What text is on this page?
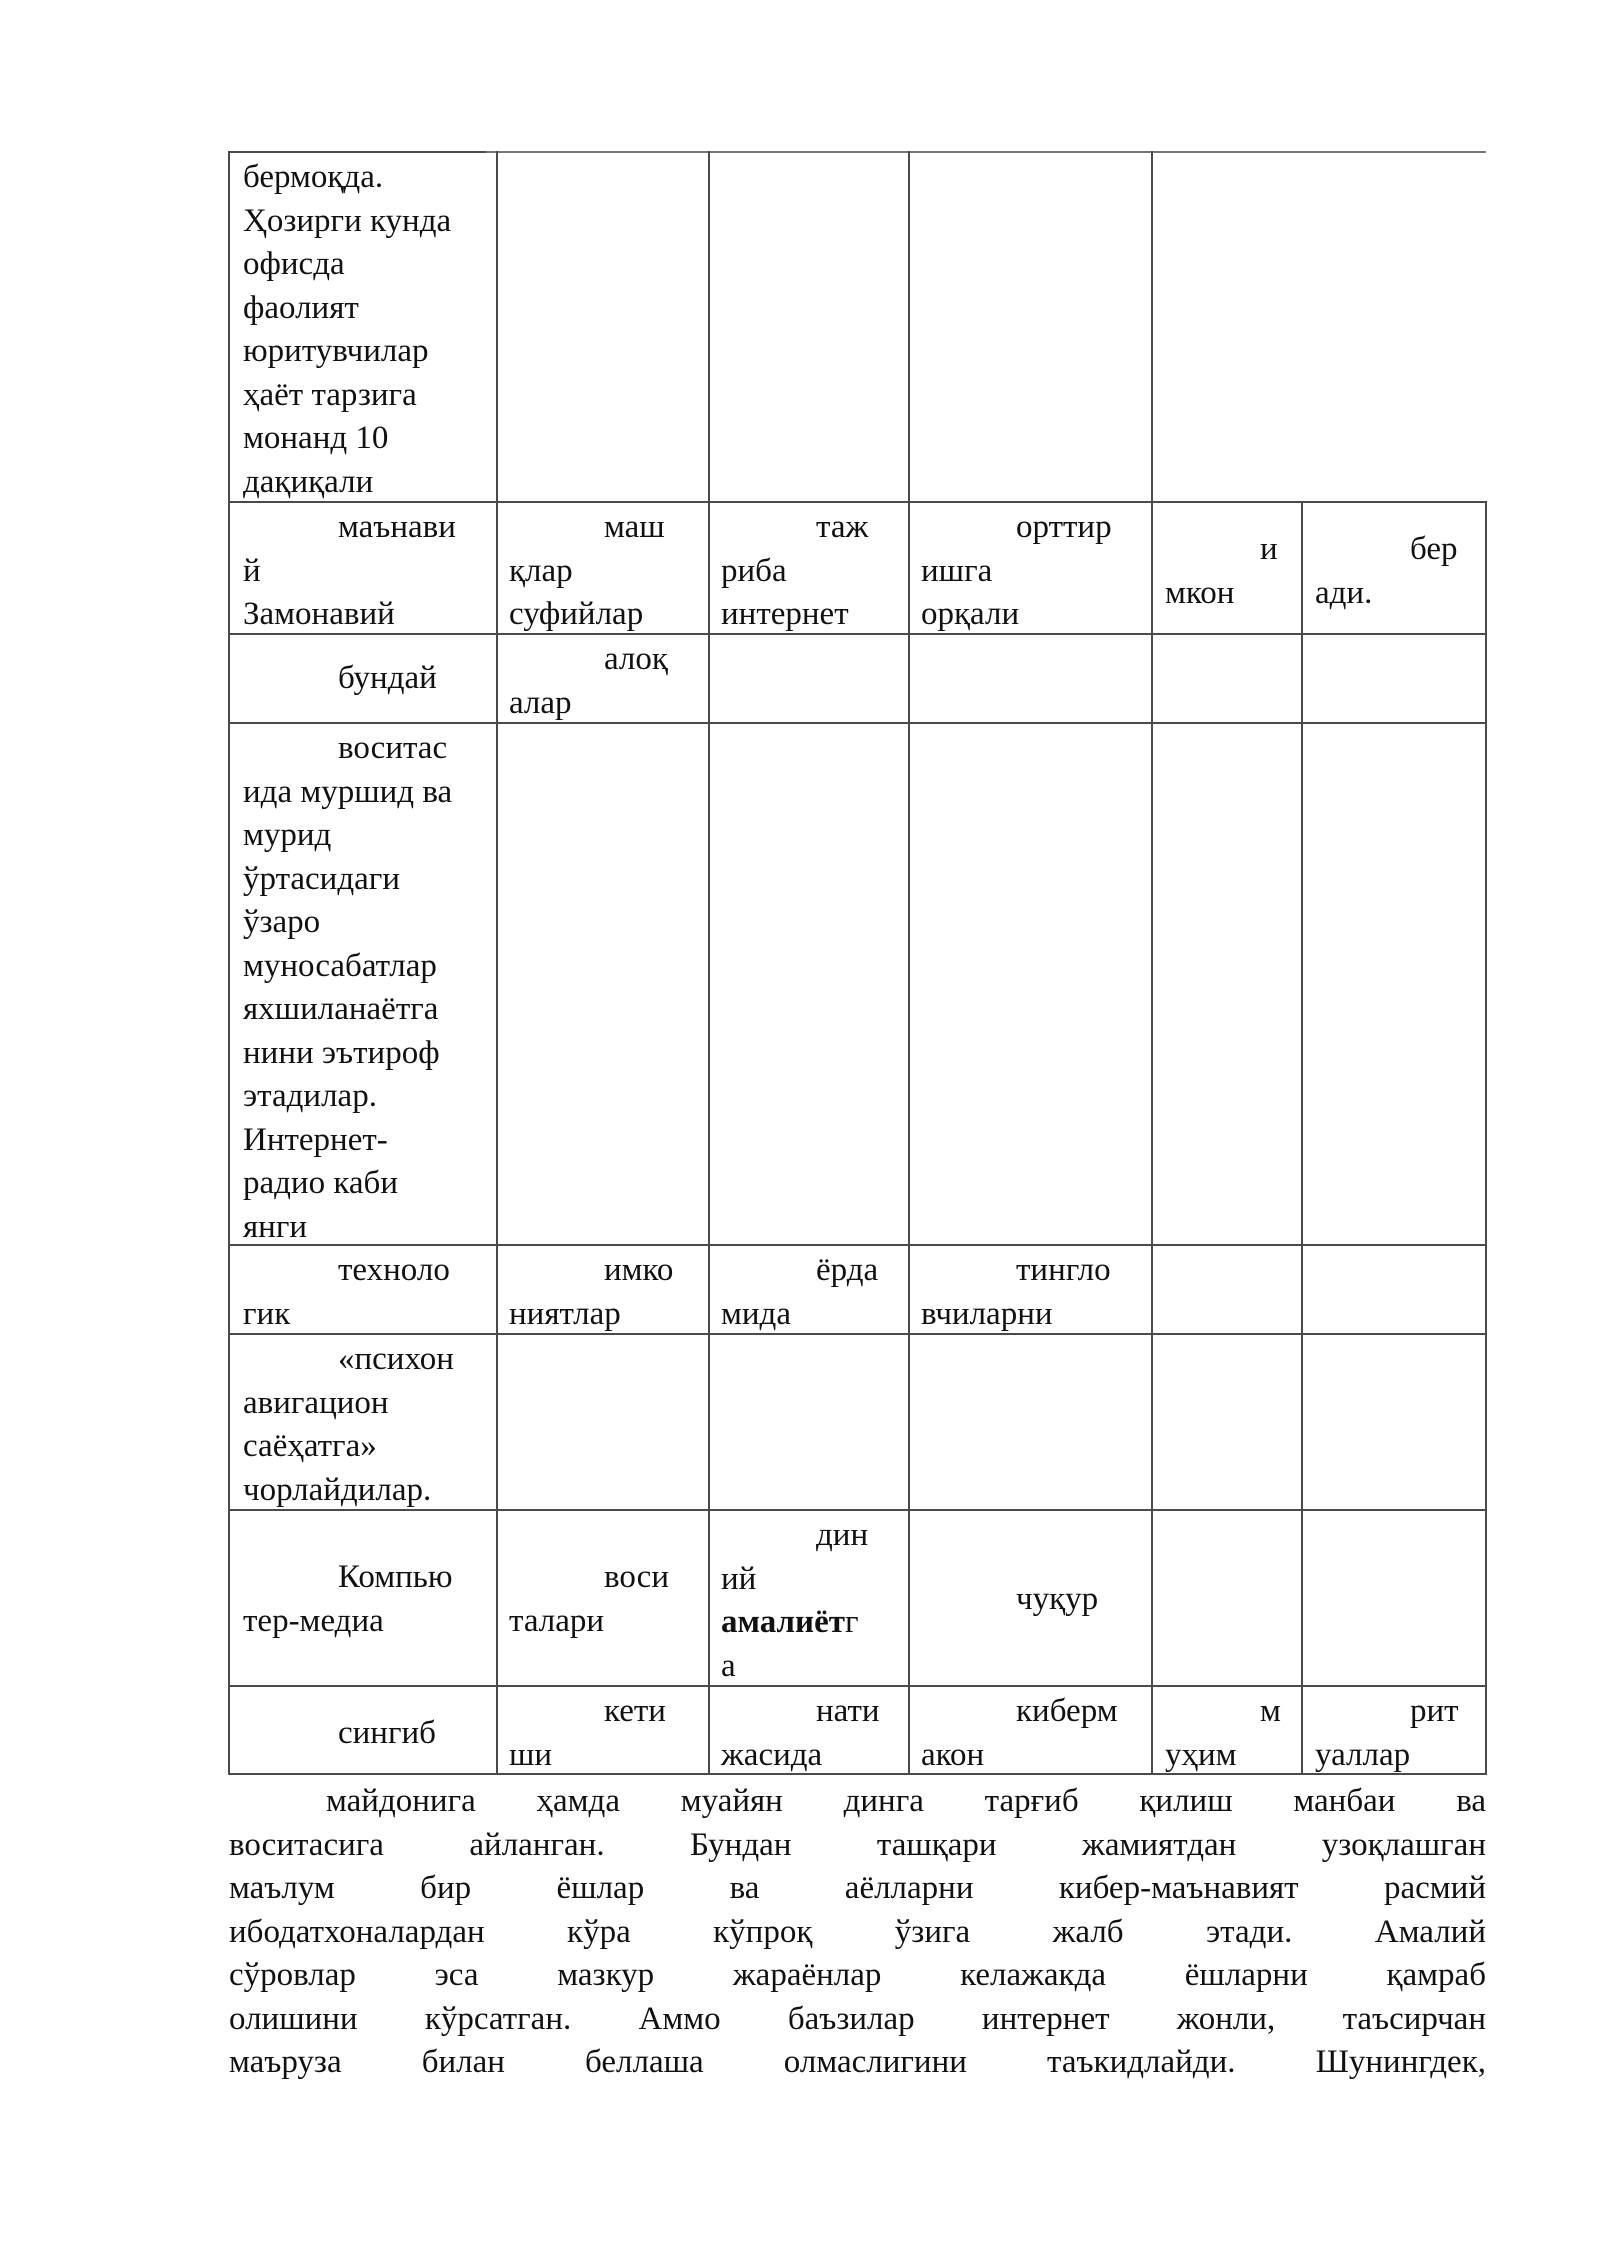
бермоқда.
Ҳозирги кунда
офисда
фаолият
юритувчилар
ҳаёт тарзига
монанд 10
дақиқали
маънави
й
Замонавий
маш
қлар
суфийлар
таж
риба
интернет
орттир
ишга
орқали
и
мкон
бер
ади.
бундай
алоқ
алар
воситас
ида муршид ва
мурид
ўртасидаги
ўзаро
муносабатлар
яхшиланаётга
нини эътироф
этадилар.
Интернет-
радио каби
янги
техноло
гик
имко
ниятлар
ёрда
мида
тингло
вчиларни
«психон
авигацион
саёҳатга»
чорлайдилар.
Компью
тер-медиа
воси
талари
дин
ий
амалиётг
а
чуқур
сингиб
кети
ши
нати
жасида
киберм
акон
м
уҳим
рит
уаллар
майдонига ҳамда муайян динга тарғиб қилиш манбаи ва
воситасига айланган. Бундан ташқари жамиятдан узоқлашган
маълум бир ёшлар ва аёлларни кибер-маънавият расмий
ибодатхоналардан кўра кўпроқ ўзига жалб этади. Амалий
сўровлар эса мазкур жараёнлар келажакда ёшларни қамраб
олишини кўрсатган. Аммо баъзилар интернет жонли, таъсирчан
маъруза билан беллаша олмаслигини таъкидлайди. Шунингдек,
